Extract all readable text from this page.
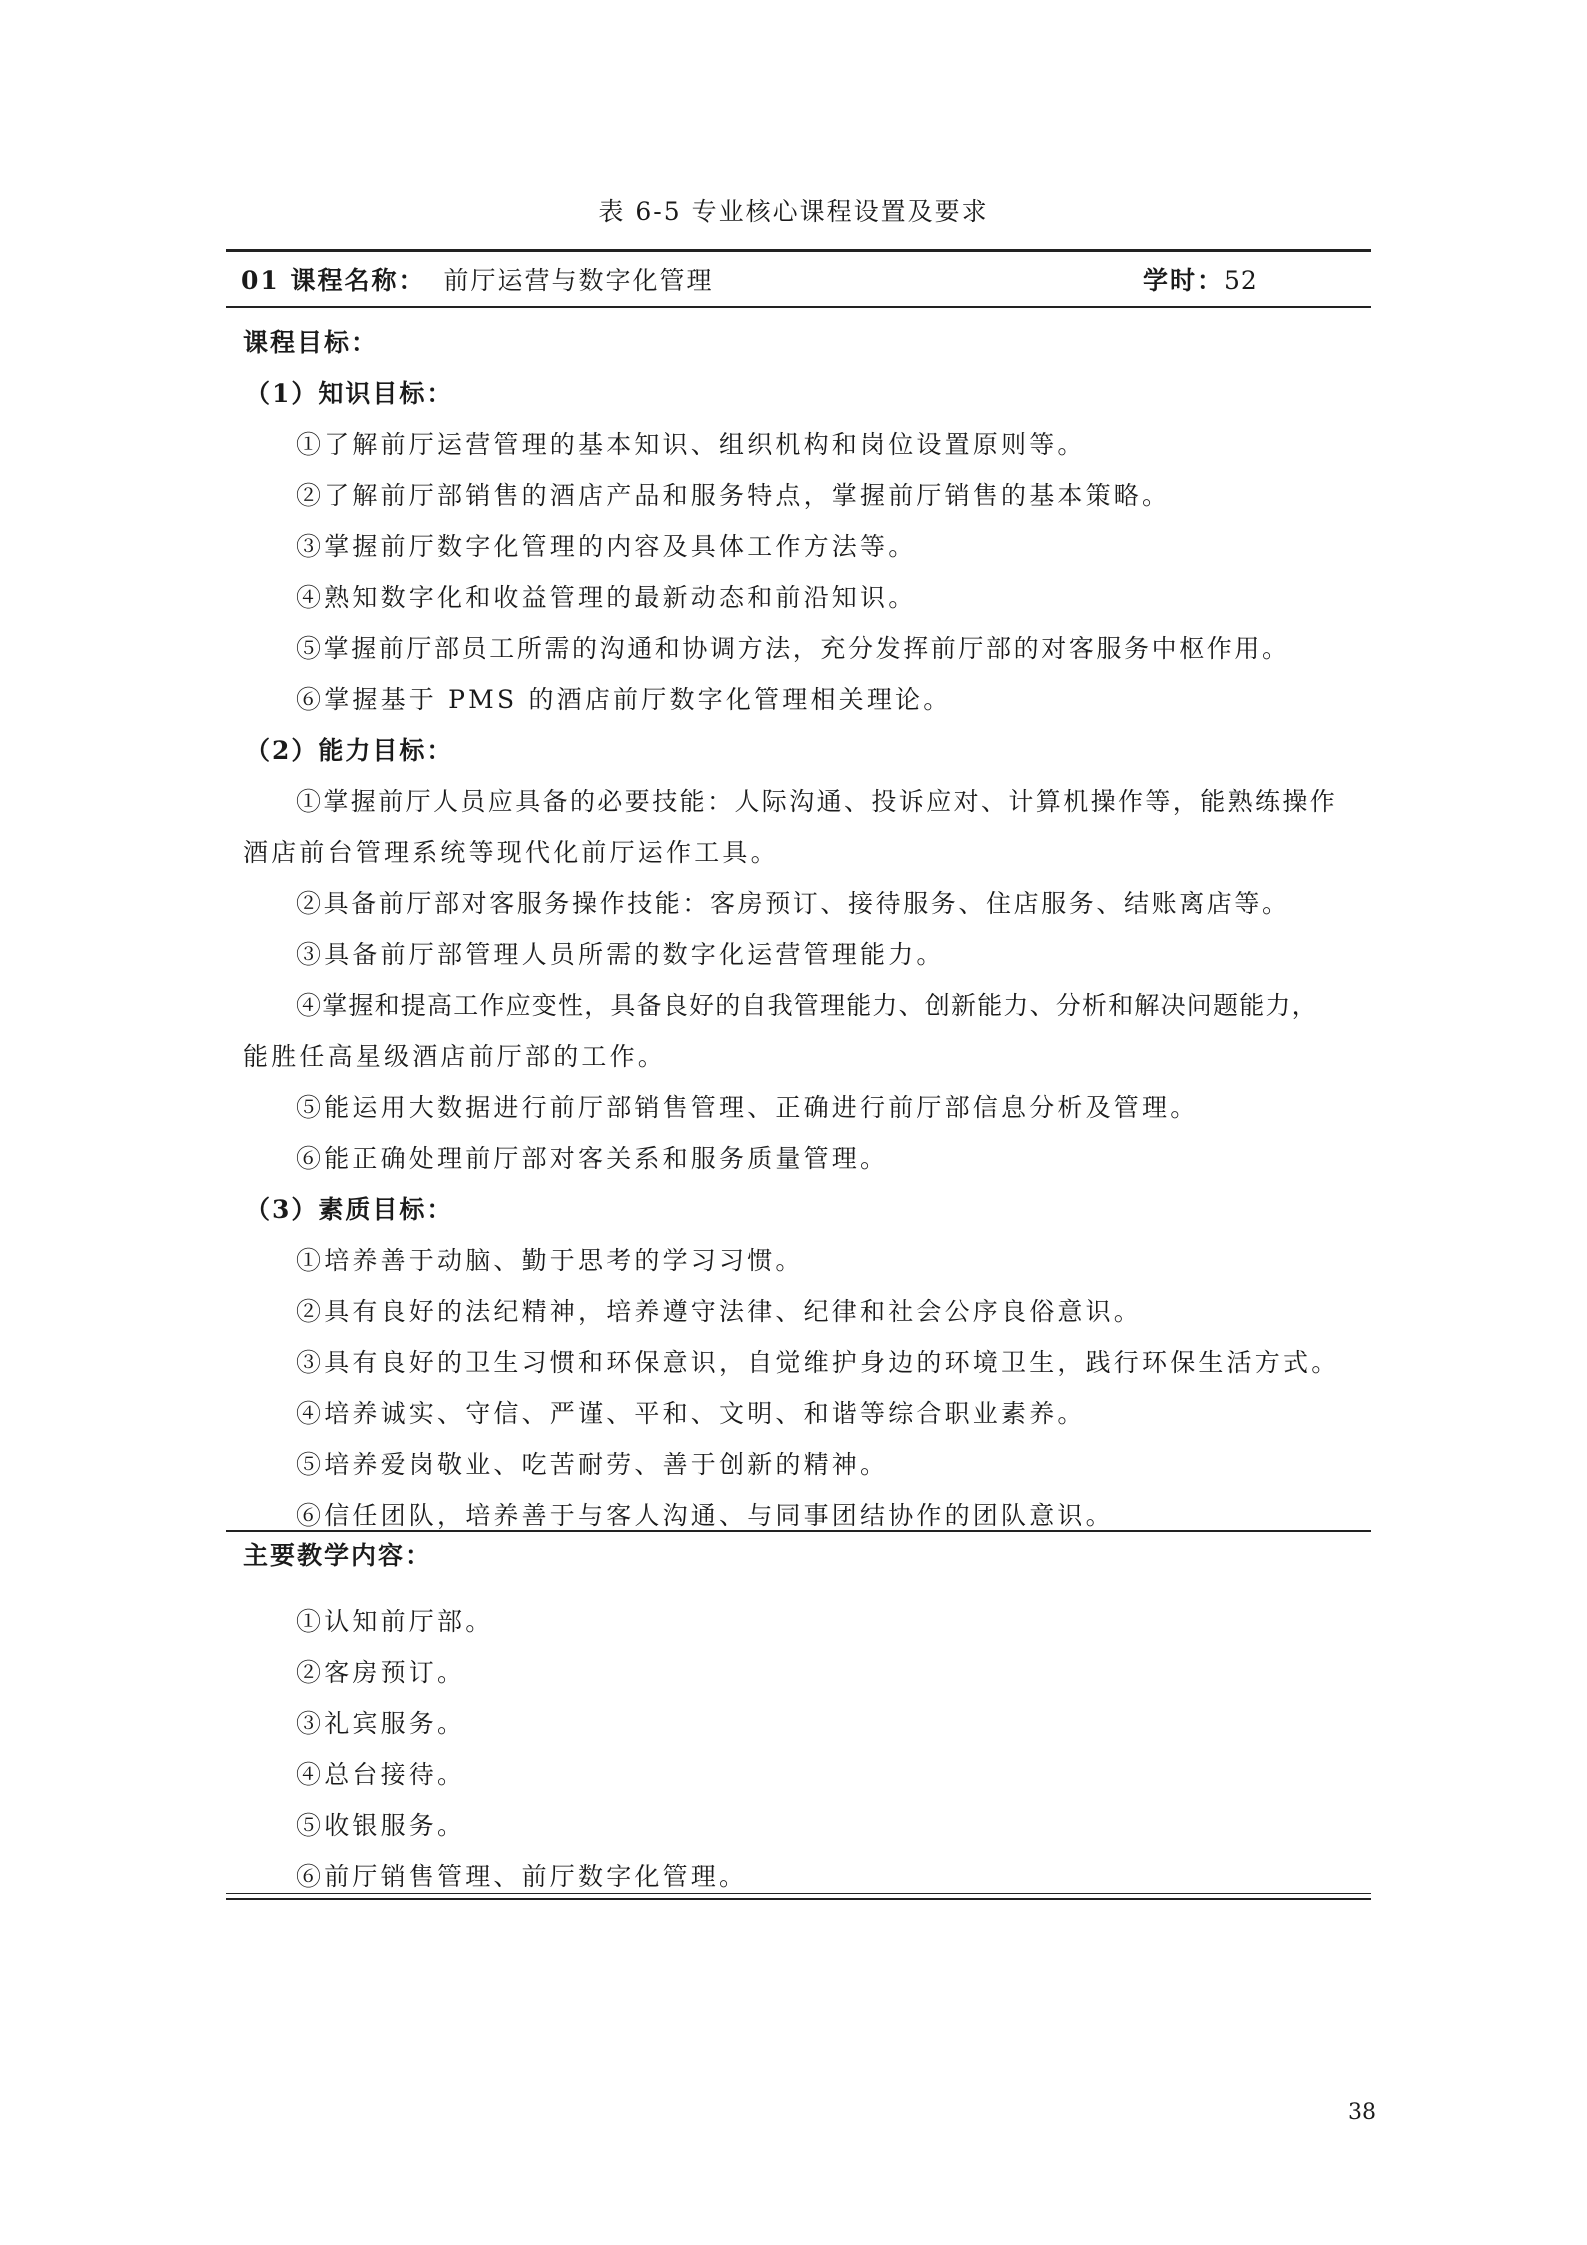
表 6-5 专业核心课程设置及要求
01 课程名称： 前厅运营与数字化管理	学时：52
课程目标：
（1）知识目标：
①了解前厅运营管理的基本知识、组织机构和岗位设置原则等。
②了解前厅部销售的酒店产品和服务特点，掌握前厅销售的基本策略。
③掌握前厅数字化管理的内容及具体工作方法等。
④熟知数字化和收益管理的最新动态和前沿知识。
⑤掌握前厅部员工所需的沟通和协调方法，充分发挥前厅部的对客服务中枢作用。
⑥掌握基于 PMS 的酒店前厅数字化管理相关理论。
（2）能力目标：
①掌握前厅人员应具备的必要技能：人际沟通、投诉应对、计算机操作等，能熟练操作
酒店前台管理系统等现代化前厅运作工具。
②具备前厅部对客服务操作技能：客房预订、接待服务、住店服务、结账离店等。
③具备前厅部管理人员所需的数字化运营管理能力。
④掌握和提高工作应变性，具备良好的自我管理能力、创新能力、分析和解决问题能力，
能胜任高星级酒店前厅部的工作。
⑤能运用大数据进行前厅部销售管理、正确进行前厅部信息分析及管理。
⑥能正确处理前厅部对客关系和服务质量管理。
（3）素质目标：
①培养善于动脑、勤于思考的学习习惯。
②具有良好的法纪精神，培养遵守法律、纪律和社会公序良俗意识。
③具有良好的卫生习惯和环保意识，自觉维护身边的环境卫生，践行环保生活方式。
④培养诚实、守信、严谨、平和、文明、和谐等综合职业素养。
⑤培养爱岗敬业、吃苦耐劳、善于创新的精神。
⑥信任团队，培养善于与客人沟通、与同事团结协作的团队意识。
主要教学内容：
①认知前厅部。
②客房预订。
③礼宾服务。
④总台接待。
⑤收银服务。
⑥前厅销售管理、前厅数字化管理。
38
